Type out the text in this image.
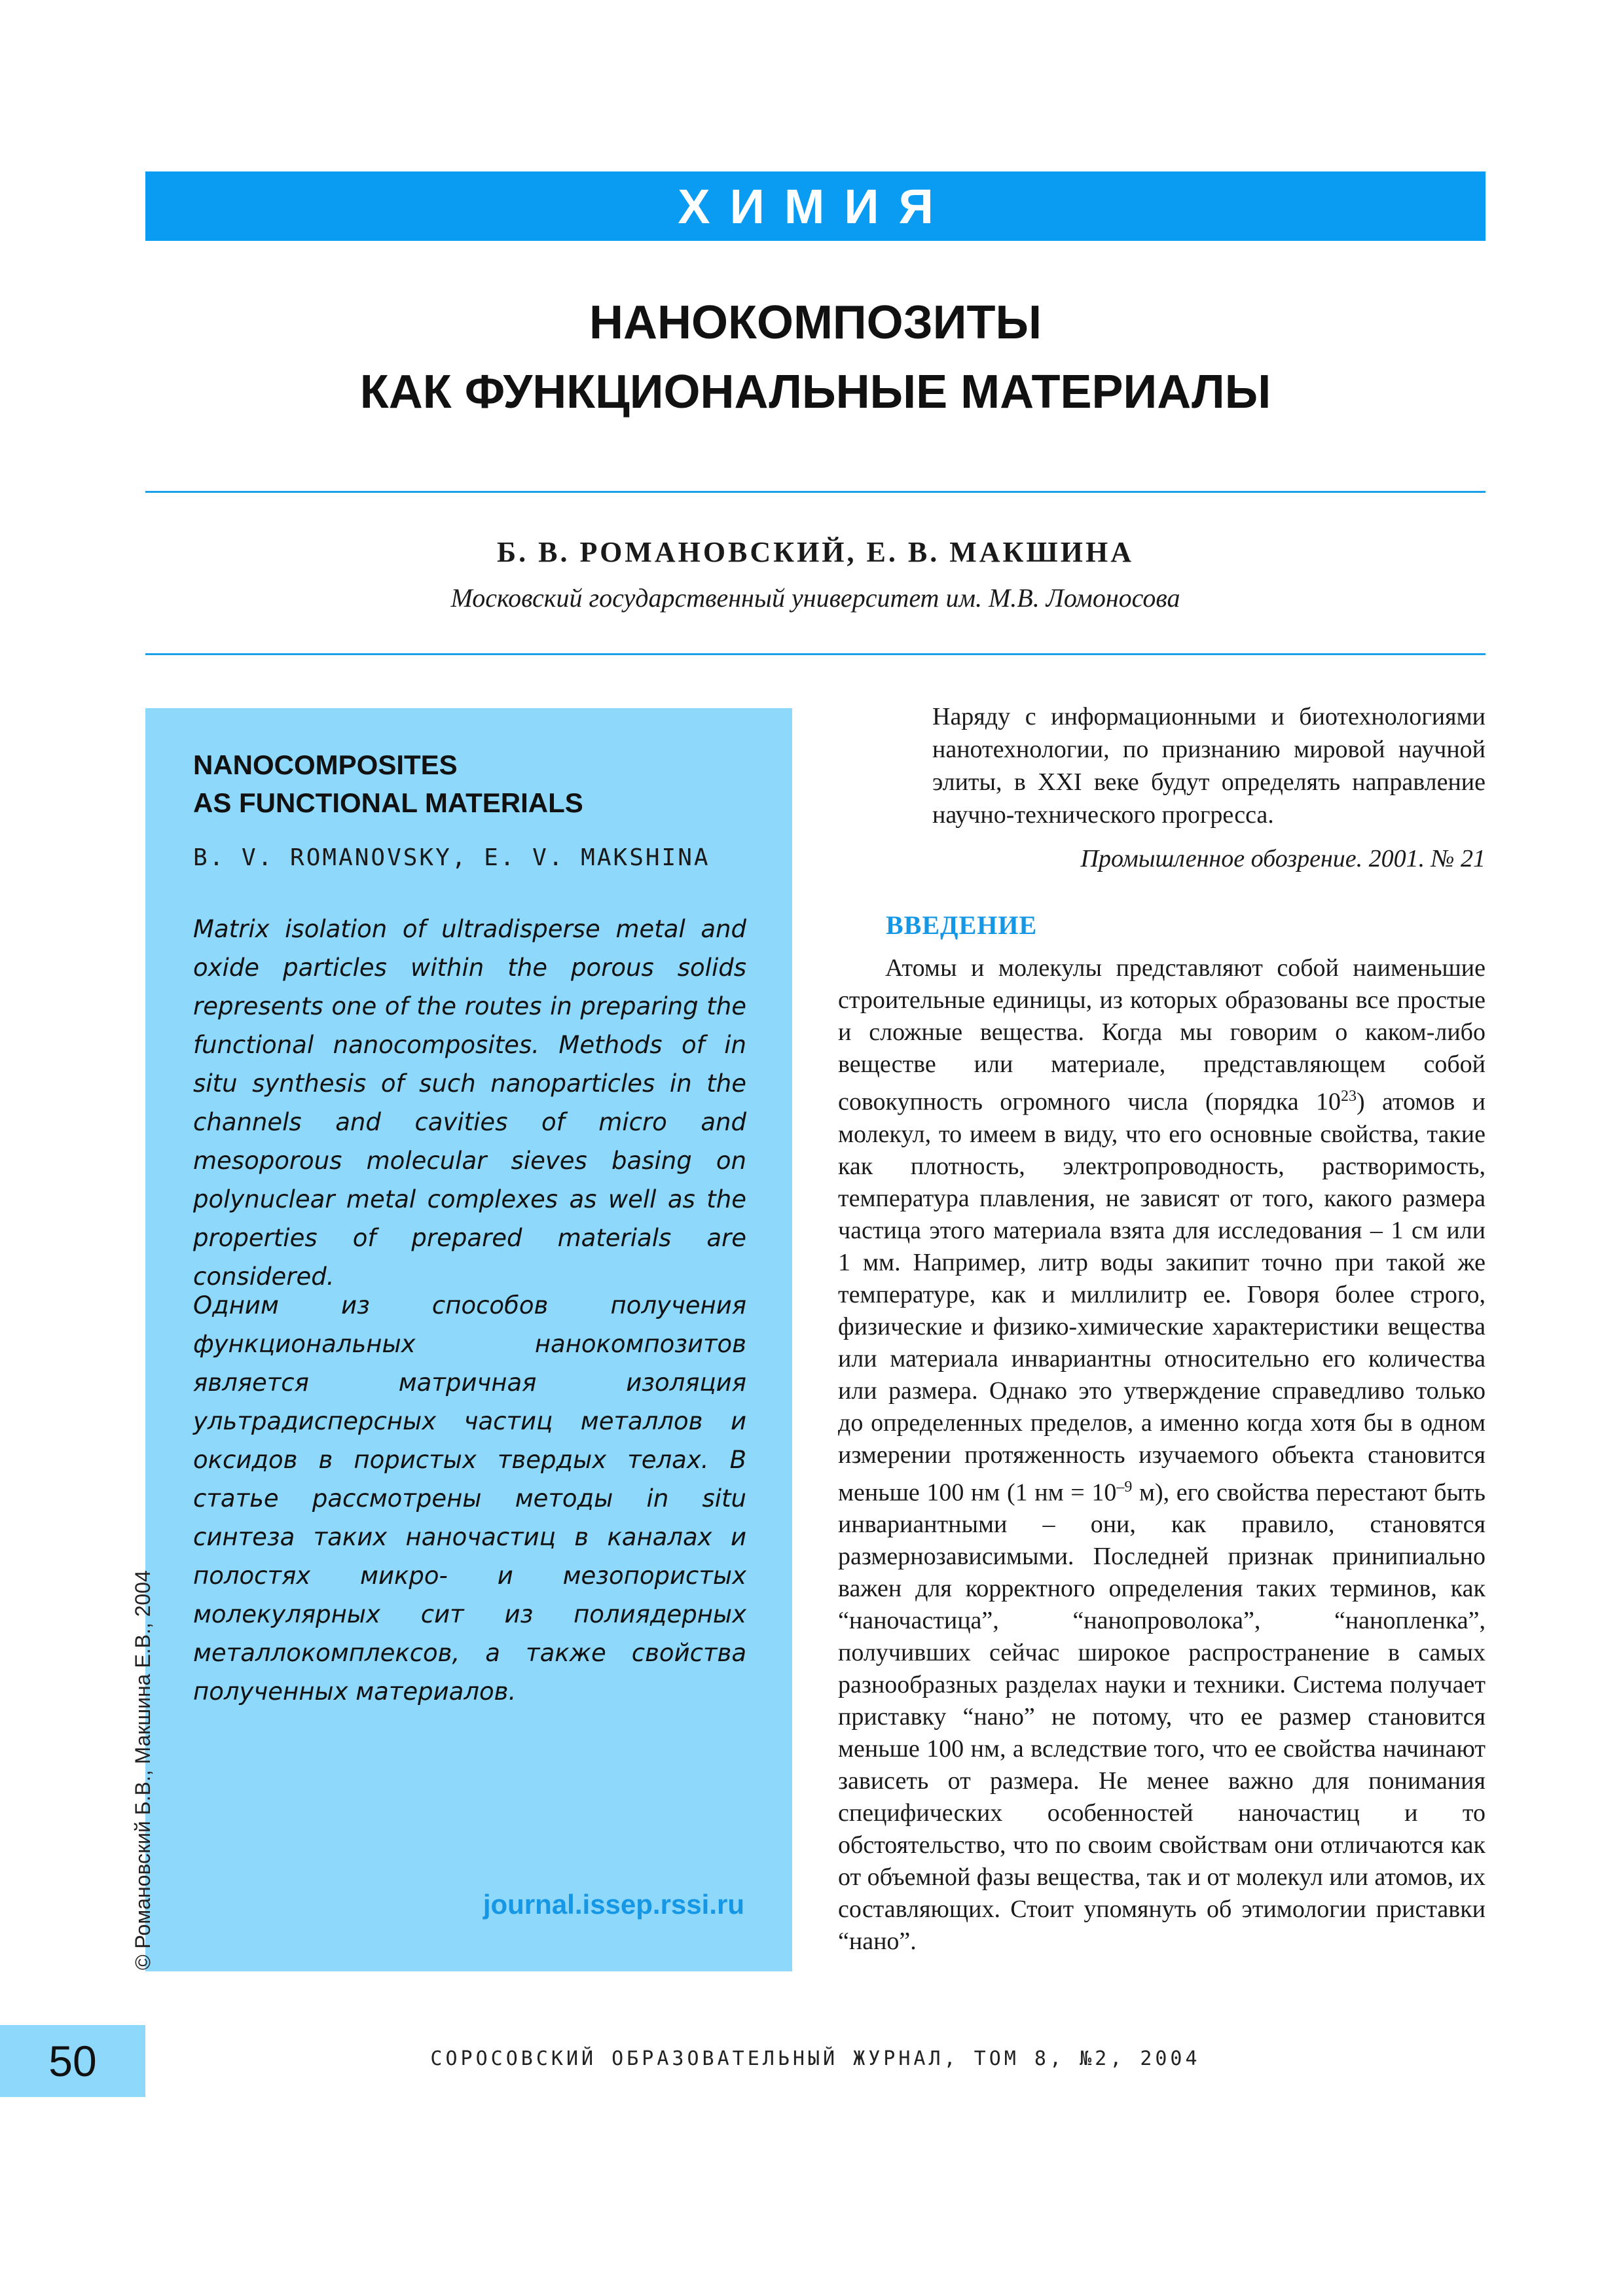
ХИМИЯ
НАНОКОМПОЗИТЫ
КАК ФУНКЦИОНАЛЬНЫЕ МАТЕРИАЛЫ
Б. В. РОМАНОВСКИЙ, Е. В. МАКШИНА
Московский государственный университет им. М.В. Ломоносова
NANOCOMPOSITES
AS FUNCTIONAL MATERIALS
B. V. ROMANOVSKY, E. V. MAKSHINA
Matrix isolation of ultradisperse metal and oxide particles within the porous solids represents one of the routes in preparing the functional nanocomposites. Methods of in situ synthesis of such nanoparticles in the channels and cavities of micro and mesoporous molecular sieves basing on polynuclear metal complexes as well as the properties of prepared materials are considered.
Одним из способов получения функциональных нанокомпозитов является матричная изоляция ультрадисперсных частиц металлов и оксидов в пористых твердых телах. В статье рассмотрены методы in situ синтеза таких наночастиц в каналах и полостях микро- и мезопористых молекулярных сит из полиядерных металлокомплексов, а также свойства полученных материалов.
journal.issep.rssi.ru
© Романовский Б.В., Макшина Е.В., 2004
Наряду с информационными и биотехнологиями нанотехнологии, по признанию мировой научной элиты, в XXI веке будут определять направление научно-технического прогресса.
Промышленное обозрение. 2001. № 21
ВВЕДЕНИЕ

Атомы и молекулы представляют собой наименьшие строительные единицы, из которых образованы все простые и сложные вещества. Когда мы говорим о каком-либо веществе или материале, представляющем собой совокупность огромного числа (порядка $10^{23}$) атомов и молекул, то имеем в виду, что его основные свойства, такие как плотность, электропроводность, растворимость, температура плавления, не зависят от того, какого размера частица этого материала взята для исследования – 1 см или 1 мм. Например, литр воды закипит точно при такой же температуре, как и миллилитр ее. Говоря более строго, физические и физико-химические характеристики вещества или материала инвариантны относительно его количества или размера. Однако это утверждение справедливо только до определенных пределов, а именно когда хотя бы в одном измерении протяженность изучаемого объекта становится меньше 100 нм (1 нм = $10^{-9}$ м), его свойства перестают быть инвариантными – они, как правило, становятся размернозависимыми. Последней признак принипиально важен для корректного определения таких терминов, как “наночастица”, “нанопроволока”, “нанопленка”, получивших сейчас широкое распространение в самых разнообразных разделах науки и техники. Система получает приставку “нано” не потому, что ее размер становится меньше 100 нм, а вследствие того, что ее свойства начинают зависеть от размера. Не менее важно для понимания специфических особенностей наночастиц и то обстоятельство, что по своим свойствам они отличаются как от объемной фазы вещества, так и от молекул или атомов, их составляющих. Стоит упомянуть об этимологии приставки “нано”.

50	СОРОСОВСКИЙ ОБРАЗОВАТЕЛЬНЫЙ ЖУРНАЛ, ТОМ 8, №2, 2004
